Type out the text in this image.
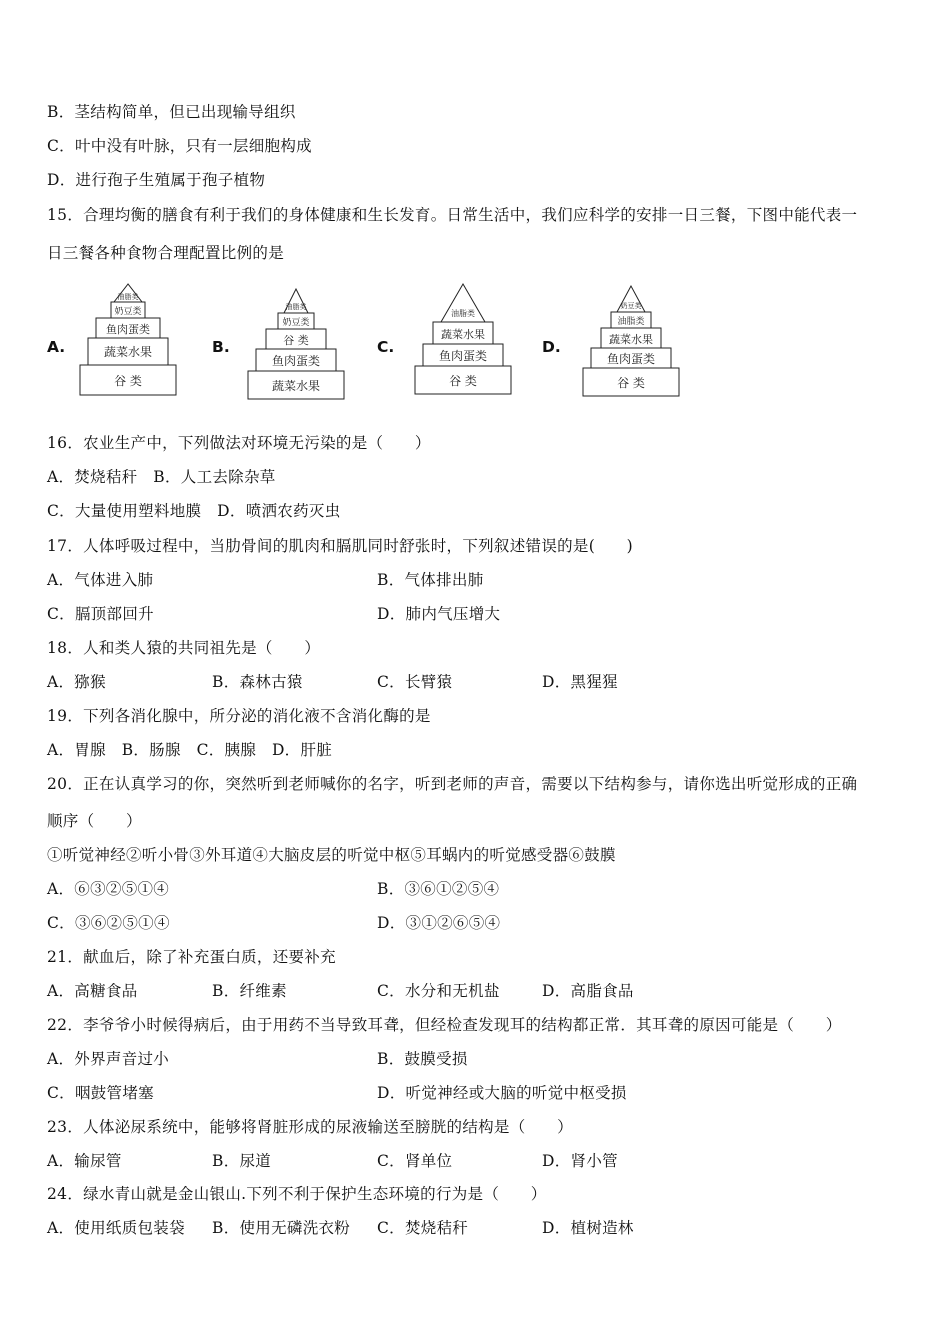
B．茎结构简单，但已出现输导组织
C．叶中没有叶脉，只有一层细胞构成
D．进行孢子生殖属于孢子植物
15．合理均衡的膳食有利于我们的身体健康和生长发育。日常生活中，我们应科学的安排一日三餐，下图中能代表一
日三餐各种食物合理配置比例的是
A.
油脂类
奶豆类
鱼肉蛋类
蔬菜水果
谷 类
B.
油脂类
奶豆类
谷 类
鱼肉蛋类
蔬菜水果
C.
油脂类
蔬菜水果
鱼肉蛋类
谷 类
D.
奶豆类
油脂类
蔬菜水果
鱼肉蛋类
谷 类
16．农业生产中，下列做法对环境无污染的是（　　）
A．焚烧秸秆　B．人工去除杂草
C．大量使用塑料地膜　D．喷洒农药灭虫
17．人体呼吸过程中，当肋骨间的肌肉和膈肌同时舒张时，下列叙述错误的是(　　)
A．气体进入肺	B．气体排出肺
C．膈顶部回升	D．肺内气压增大
18．人和类人猿的共同祖先是（　　）
A．猕猴	B．森林古猿	C．长臂猿	D．黑猩猩
19．下列各消化腺中，所分泌的消化液不含消化酶的是
A．胃腺　B．肠腺　C．胰腺　D．肝脏
20．正在认真学习的你，突然听到老师喊你的名字，听到老师的声音，需要以下结构参与，请你选出听觉形成的正确
顺序（　　）
①听觉神经②听小骨③外耳道④大脑皮层的听觉中枢⑤耳蜗内的听觉感受器⑥鼓膜
A．⑥③②⑤①④	B．③⑥①②⑤④
C．③⑥②⑤①④	D．③①②⑥⑤④
21．献血后，除了补充蛋白质，还要补充
A．高糖食品	B．纤维素	C．水分和无机盐	D．高脂食品
22．李爷爷小时候得病后，由于用药不当导致耳聋，但经检查发现耳的结构都正常．其耳聋的原因可能是（　　）
A．外界声音过小	B．鼓膜受损
C．咽鼓管堵塞	D．听觉神经或大脑的听觉中枢受损
23．人体泌尿系统中，能够将肾脏形成的尿液输送至膀胱的结构是（　　）
A．输尿管	B．尿道	C．肾单位	D．肾小管
24．绿水青山就是金山银山.下列不利于保护生态环境的行为是（　　）
A．使用纸质包装袋 B．使用无磷洗衣粉 C．焚烧秸秆	D．植树造林
